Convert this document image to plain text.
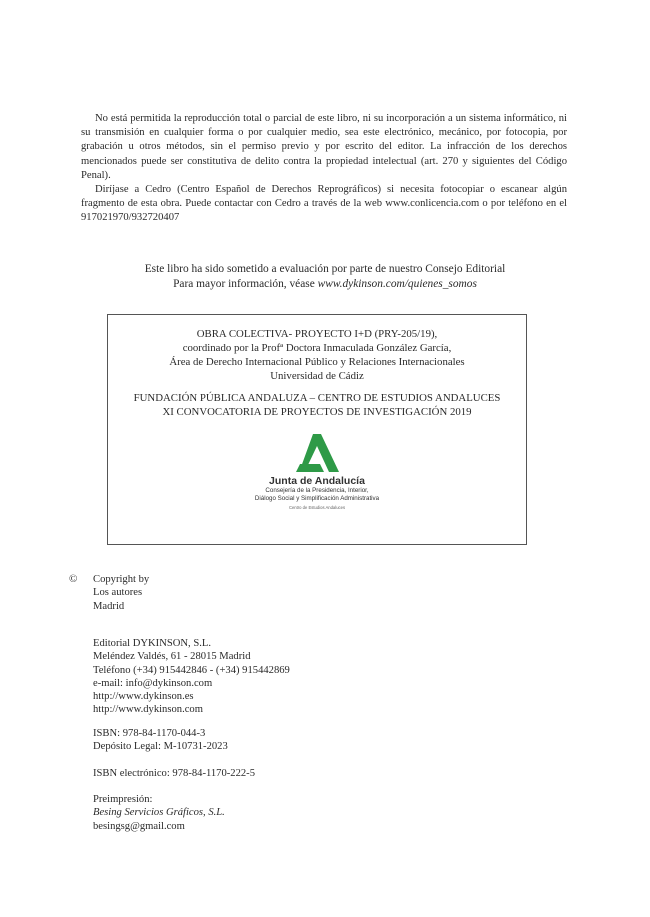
No está permitida la reproducción total o parcial de este libro, ni su incorporación a un sistema informático, ni su transmisión en cualquier forma o por cualquier medio, sea este electrónico, mecánico, por fotocopia, por grabación u otros métodos, sin el permiso previo y por escrito del editor. La infracción de los derechos mencionados puede ser constitutiva de delito contra la propiedad intelectual (art. 270 y siguientes del Código Penal).

Diríjase a Cedro (Centro Español de Derechos Reprográficos) si necesita fotocopiar o escanear algún fragmento de esta obra. Puede contactar con Cedro a través de la web www.conlicencia.com o por teléfono en el 917021970/932720407

Este libro ha sido sometido a evaluación por parte de nuestro Consejo Editorial
Para mayor información, véase www.dykinson.com/quienes_somos
OBRA COLECTIVA- PROYECTO I+D (PRY-205/19),
coordinado por la Profª Doctora Inmaculada González García,
Área de Derecho Internacional Público y Relaciones Internacionales
Universidad de Cádiz
FUNDACIÓN PÚBLICA ANDALUZA – CENTRO DE ESTUDIOS ANDALUCES
XI CONVOCATORIA DE PROYECTOS DE INVESTIGACIÓN 2019
Junta de Andalucía
Consejería de la Presidencia, Interior,
Diálogo Social y Simplificación Administrativa
Centro de Estudios Andaluces
© Copyright by
Los autores
Madrid
Editorial DYKINSON, S.L.
Meléndez Valdés, 61 - 28015 Madrid
Teléfono (+34) 915442846 - (+34) 915442869
e-mail: info@dykinson.com
http://www.dykinson.es
http://www.dykinson.com
ISBN: 978-84-1170-044-3
Depósito Legal: M-10731-2023
ISBN electrónico: 978-84-1170-222-5
Preimpresión:
Besing Servicios Gráficos, S.L.
besingsg@gmail.com
